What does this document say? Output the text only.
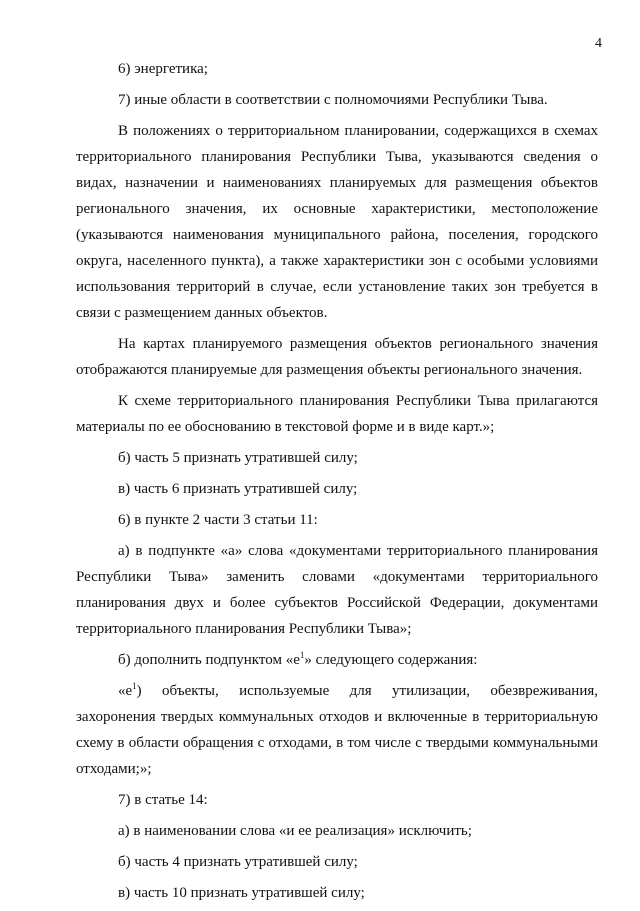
4

6) энергетика;

7) иные области в соответствии с полномочиями Республики Тыва.

В положениях о территориальном планировании, содержащихся в схемах территориального планирования Республики Тыва, указываются сведения о видах, назначении и наименованиях планируемых для размещения объектов регионального значения, их основные характеристики, местоположение (указываются наименования муниципального района, поселения, городского округа, населенного пункта), а также характеристики зон с особыми условиями использования территорий в случае, если установление таких зон требуется в связи с размещением данных объектов.

На картах планируемого размещения объектов регионального значения отображаются планируемые для размещения объекты регионального значения.

К схеме территориального планирования Республики Тыва прилагаются материалы по ее обоснованию в текстовой форме и в виде карт.»;

б) часть 5 признать утратившей силу;

в) часть 6 признать утратившей силу;

6) в пункте 2 части 3 статьи 11:

а) в подпункте «а» слова «документами территориального планирования Республики Тыва» заменить словами «документами территориального планирования двух и более субъектов Российской Федерации, документами территориального планирования Республики Тыва»;

б) дополнить подпунктом «$е^1$» следующего содержания:

«$е^1$) объекты, используемые для утилизации, обезвреживания, захоронения твердых коммунальных отходов и включенные в территориальную схему в области обращения с отходами, в том числе с твердыми коммунальными отходами;»;

7) в статье 14:

а) в наименовании слова «и ее реализация» исключить;

б) часть 4 признать утратившей силу;

в) часть 10 признать утратившей силу;
